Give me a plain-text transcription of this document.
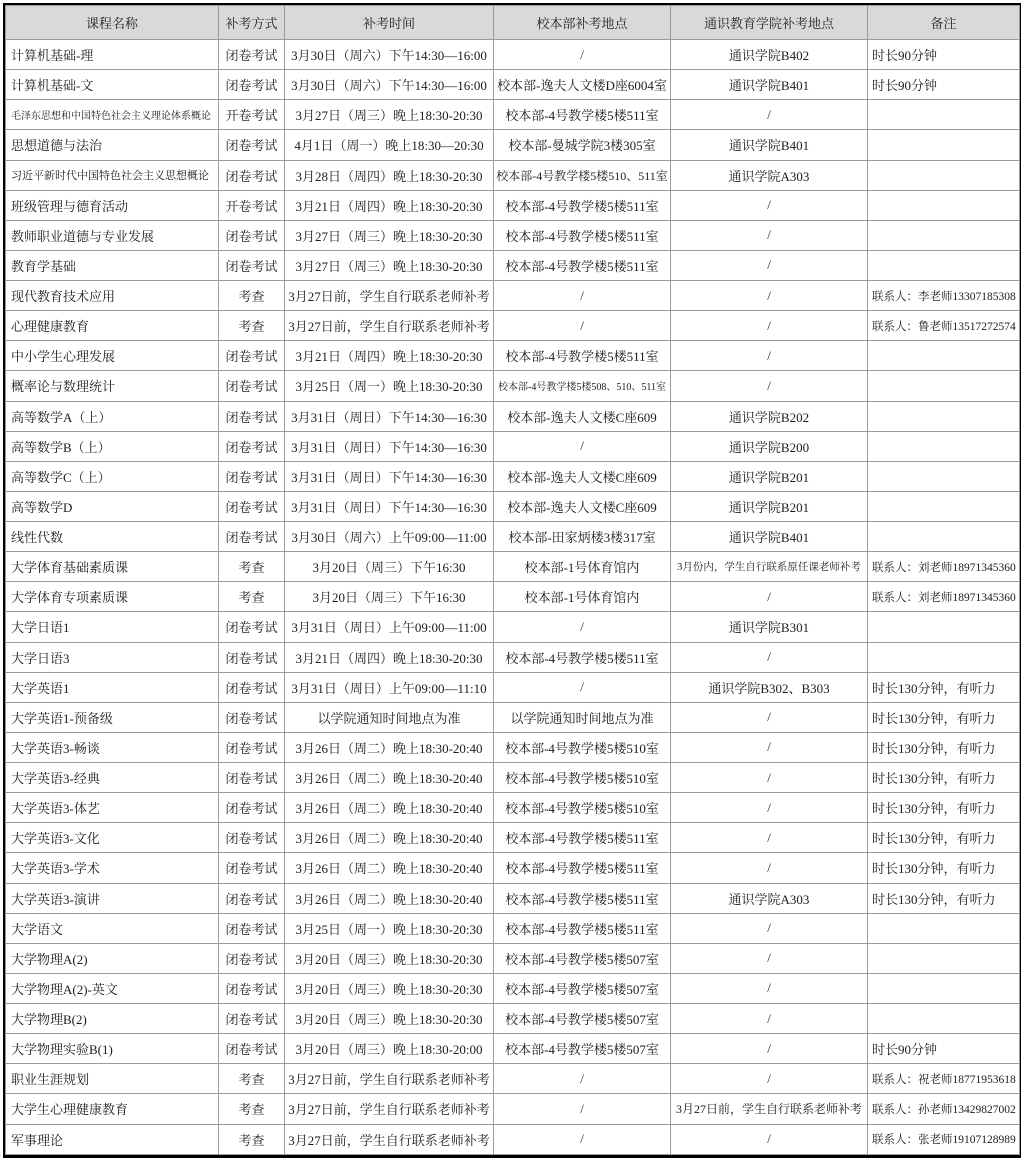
课程名称	补考方式	补考时间	校本部补考地点	通识教育学院补考地点	备注
计算机基础-理	闭卷考试	3月30日（周六）下午14:30—16:00	/	通识学院B402	时长90分钟
计算机基础-文	闭卷考试	3月30日（周六）下午14:30—16:00	校本部-逸夫人文楼D座6004室	通识学院B401	时长90分钟
毛泽东思想和中国特色社会主义理论体系概论	开卷考试	3月27日（周三）晚上18:30-20:30	校本部-4号教学楼5楼511室	/	
思想道德与法治	闭卷考试	4月1日（周一）晚上18:30—20:30	校本部-曼城学院3楼305室	通识学院B401	
习近平新时代中国特色社会主义思想概论	闭卷考试	3月28日（周四）晚上18:30-20:30	校本部-4号教学楼5楼510、511室	通识学院A303	
班级管理与德育活动	开卷考试	3月21日（周四）晚上18:30-20:30	校本部-4号教学楼5楼511室	/	
教师职业道德与专业发展	闭卷考试	3月27日（周三）晚上18:30-20:30	校本部-4号教学楼5楼511室	/	
教育学基础	闭卷考试	3月27日（周三）晚上18:30-20:30	校本部-4号教学楼5楼511室	/	
现代教育技术应用	考查	3月27日前，学生自行联系老师补考	/	/	联系人：李老师13307185308
心理健康教育	考查	3月27日前，学生自行联系老师补考	/	/	联系人：鲁老师13517272574
中小学生心理发展	闭卷考试	3月21日（周四）晚上18:30-20:30	校本部-4号教学楼5楼511室	/	
概率论与数理统计	闭卷考试	3月25日（周一）晚上18:30-20:30	校本部-4号教学楼5楼508、510、511室	/	
高等数学A（上）	闭卷考试	3月31日（周日）下午14:30—16:30	校本部-逸夫人文楼C座609	通识学院B202	
高等数学B（上）	闭卷考试	3月31日（周日）下午14:30—16:30	/	通识学院B200	
高等数学C（上）	闭卷考试	3月31日（周日）下午14:30—16:30	校本部-逸夫人文楼C座609	通识学院B201	
高等数学D	闭卷考试	3月31日（周日）下午14:30—16:30	校本部-逸夫人文楼C座609	通识学院B201	
线性代数	闭卷考试	3月30日（周六）上午09:00—11:00	校本部-田家炳楼3楼317室	通识学院B401	
大学体育基础素质课	考查	3月20日（周三）下午16:30	校本部-1号体育馆内	3月份内，学生自行联系原任课老师补考	联系人：刘老师18971345360
大学体育专项素质课	考查	3月20日（周三）下午16:30	校本部-1号体育馆内	/	联系人：刘老师18971345360
大学日语1	闭卷考试	3月31日（周日）上午09:00—11:00	/	通识学院B301	
大学日语3	闭卷考试	3月21日（周四）晚上18:30-20:30	校本部-4号教学楼5楼511室	/	
大学英语1	闭卷考试	3月31日（周日）上午09:00—11:10	/	通识学院B302、B303	时长130分钟，有听力
大学英语1-预备级	闭卷考试	以学院通知时间地点为准	以学院通知时间地点为准	/	时长130分钟，有听力
大学英语3-畅谈	闭卷考试	3月26日（周二）晚上18:30-20:40	校本部-4号教学楼5楼510室	/	时长130分钟，有听力
大学英语3-经典	闭卷考试	3月26日（周二）晚上18:30-20:40	校本部-4号教学楼5楼510室	/	时长130分钟，有听力
大学英语3-体艺	闭卷考试	3月26日（周二）晚上18:30-20:40	校本部-4号教学楼5楼510室	/	时长130分钟，有听力
大学英语3-文化	闭卷考试	3月26日（周二）晚上18:30-20:40	校本部-4号教学楼5楼511室	/	时长130分钟，有听力
大学英语3-学术	闭卷考试	3月26日（周二）晚上18:30-20:40	校本部-4号教学楼5楼511室	/	时长130分钟，有听力
大学英语3-演讲	闭卷考试	3月26日（周二）晚上18:30-20:40	校本部-4号教学楼5楼511室	通识学院A303	时长130分钟，有听力
大学语文	闭卷考试	3月25日（周一）晚上18:30-20:30	校本部-4号教学楼5楼511室	/	
大学物理A(2)	闭卷考试	3月20日（周三）晚上18:30-20:30	校本部-4号教学楼5楼507室	/	
大学物理A(2)-英文	闭卷考试	3月20日（周三）晚上18:30-20:30	校本部-4号教学楼5楼507室	/	
大学物理B(2)	闭卷考试	3月20日（周三）晚上18:30-20:30	校本部-4号教学楼5楼507室	/	
大学物理实验B(1)	闭卷考试	3月20日（周三）晚上18:30-20:00	校本部-4号教学楼5楼507室	/	时长90分钟
职业生涯规划	考查	3月27日前，学生自行联系老师补考	/	/	联系人：祝老师18771953618
大学生心理健康教育	考查	3月27日前，学生自行联系老师补考	/	3月27日前，学生自行联系老师补考	联系人：孙老师13429827002
军事理论	考查	3月27日前，学生自行联系老师补考	/	/	联系人：张老师19107128989
